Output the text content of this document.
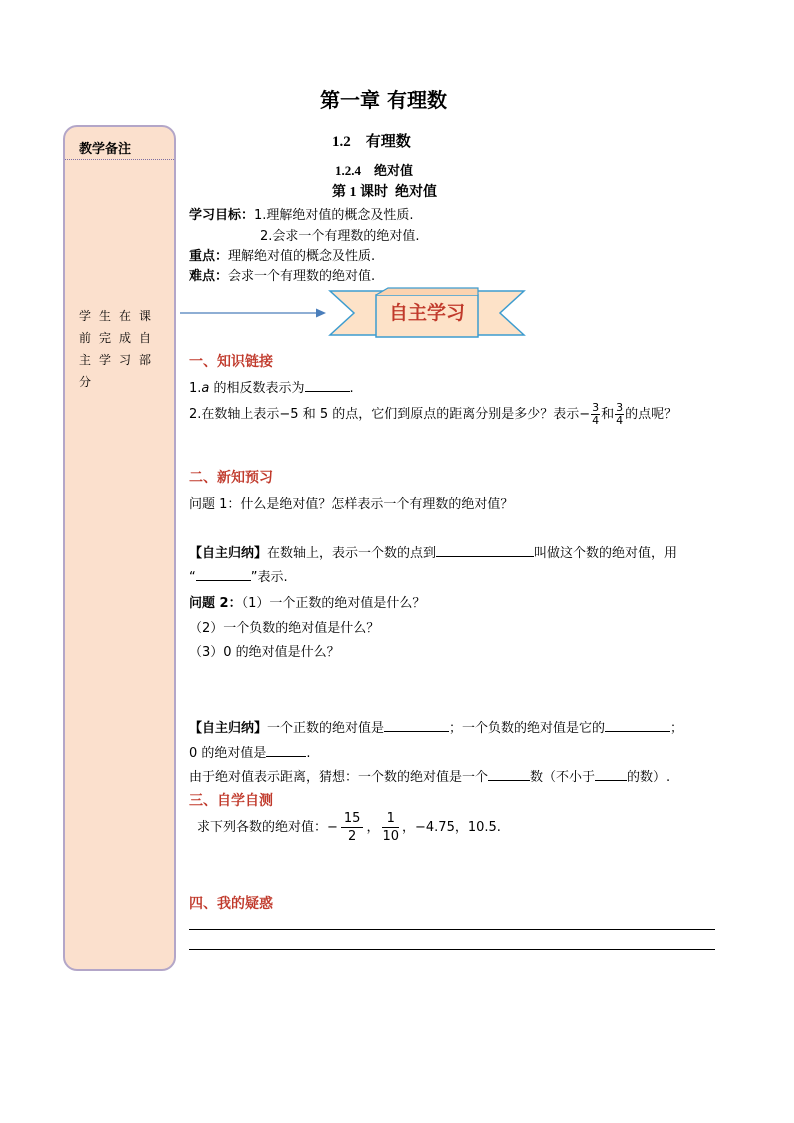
教学备注
学生在课前完成自主学习部分
第一章 有理数
1.2    有理数
1.2.4    绝对值
第 1 课时  绝对值
学习目标：1.理解绝对值的概念及性质.
2.会求一个有理数的绝对值.
重点：理解绝对值的概念及性质.
难点：会求一个有理数的绝对值.
自主学习
一、知识链接
1.a 的相反数表示为	.
2.在数轴上表示−5 和 5 的点，它们到原点的距离分别是多少？表示− $\frac{3}{4}$ 和 $\frac{3}{4}$ 的点呢？
二、新知预习
问题 1：什么是绝对值？怎样表示一个有理数的绝对值？
【自主归纳】在数轴上，表示一个数的点到	叫做这个数的绝对值，用
“	”表示.
问题 2：（1）一个正数的绝对值是什么？
（2）一个负数的绝对值是什么？
（3）0 的绝对值是什么？
【自主归纳】一个正数的绝对值是	；一个负数的绝对值是它的	；
0 的绝对值是	.
由于绝对值表示距离，猜想：一个数的绝对值是一个	数（不小于 的数）.
三、自学自测
求下列各数的绝对值：− $\frac{15}{2}$ ， $\frac{1}{10}$ ，−4.75，10.5.
四、我的疑惑
